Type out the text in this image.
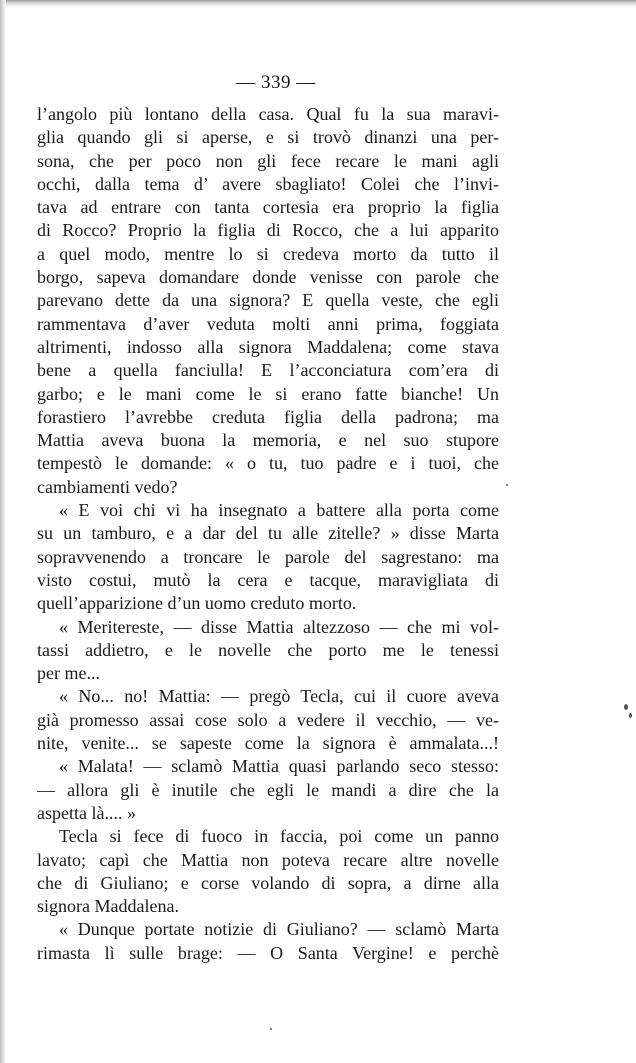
— 339 —
l’angolo più lontano della casa. Qual fu la sua maravi-
glia quando gli si aperse, e si trovò dinanzi una per-
sona, che per poco non gli fece recare le mani agli
occhi, dalla tema d’ avere sbagliato! Colei che l’invi-
tava ad entrare con tanta cortesia era proprio la figlia
di Rocco? Proprio la figlia di Rocco, che a lui apparito
a quel modo, mentre lo si credeva morto da tutto il
borgo, sapeva domandare donde venisse con parole che
parevano dette da una signora? E quella veste, che egli
rammentava d’aver veduta molti anni prima, foggiata
altrimenti, indosso alla signora Maddalena; come stava
bene a quella fanciulla! E l’acconciatura com’era di
garbo; e le mani come le si erano fatte bianche! Un
forastiero l’avrebbe creduta figlia della padrona; ma
Mattia aveva buona la memoria, e nel suo stupore
tempestò le domande: « o tu, tuo padre e i tuoi, che
cambiamenti vedo?
« E voi chi vi ha insegnato a battere alla porta come
su un tamburo, e a dar del tu alle zitelle? » disse Marta
sopravvenendo a troncare le parole del sagrestano: ma
visto costui, mutò la cera e tacque, maravigliata di
quell’apparizione d’un uomo creduto morto.
« Meritereste, — disse Mattia altezzoso — che mi vol-
tassi addietro, e le novelle che porto me le tenessi
per me...
« No... no! Mattia: — pregò Tecla, cui il cuore aveva
già promesso assai cose solo a vedere il vecchio, — ve-
nite, venite... se sapeste come la signora è ammalata...!
« Malata! — sclamò Mattia quasi parlando seco stesso:
— allora gli è inutile che egli le mandi a dire che la
aspetta là.... »
Tecla si fece di fuoco in faccia, poi come un panno
lavato; capì che Mattia non poteva recare altre novelle
che di Giuliano; e corse volando di sopra, a dirne alla
signora Maddalena.
« Dunque portate notizie di Giuliano? — sclamò Marta
rimasta lì sulle brage: — O Santa Vergine! e perchè
